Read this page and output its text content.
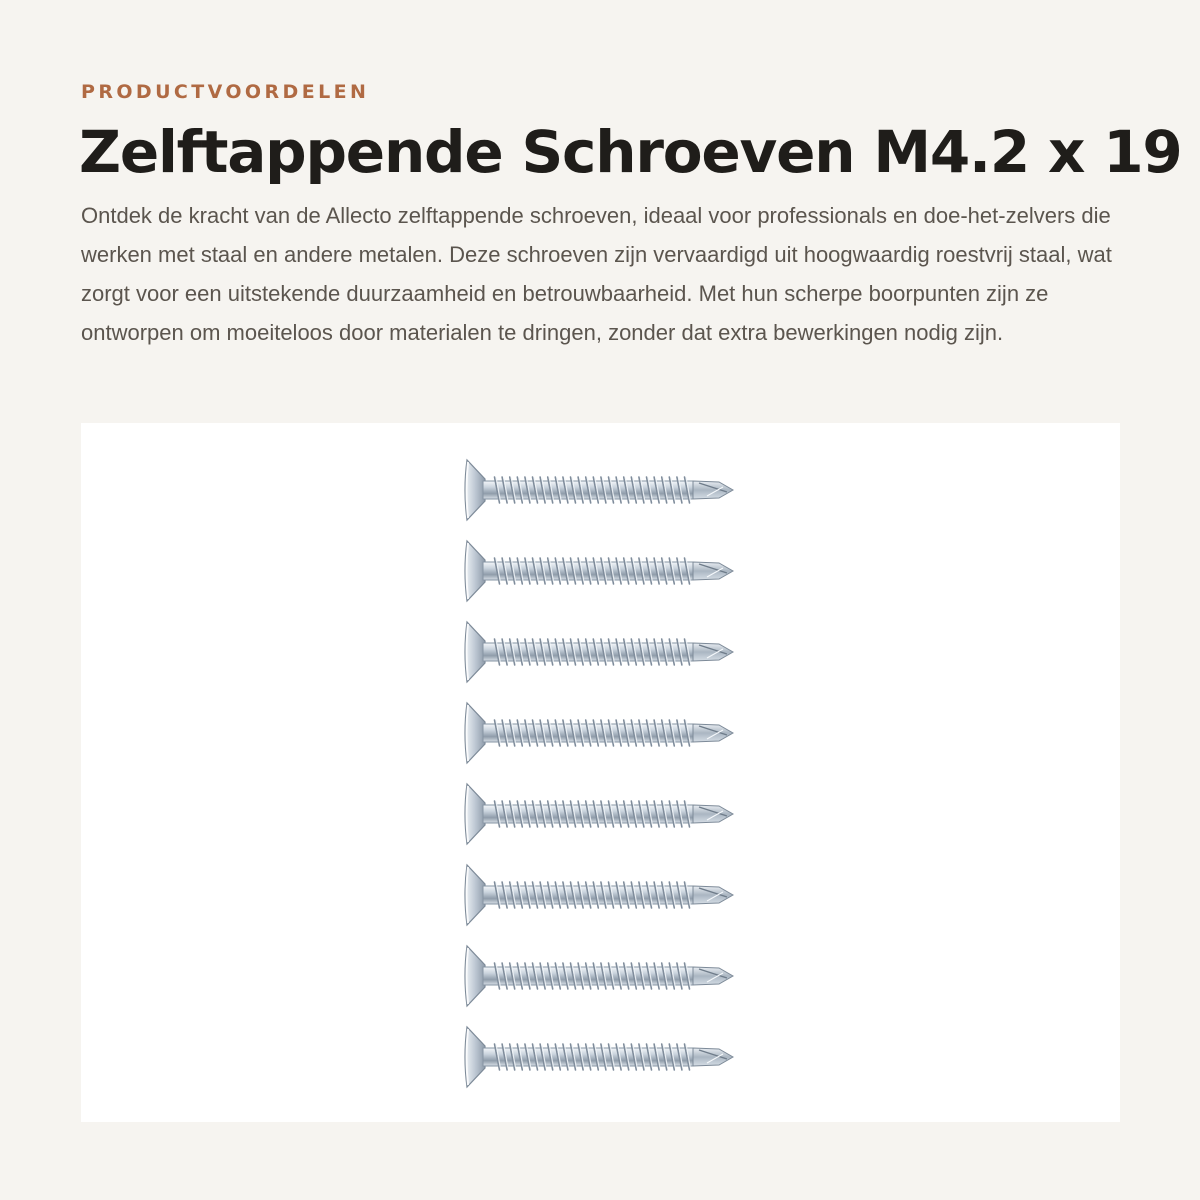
PRODUCTVOORDELEN

Zelftappende Schroeven M4.2 x 19

Ontdek de kracht van de Allecto zelftappende schroeven, ideaal voor professionals en doe-het-zelvers die werken met staal en andere metalen. Deze schroeven zijn vervaardigd uit hoogwaardig roestvrij staal, wat zorgt voor een uitstekende duurzaamheid en betrouwbaarheid. Met hun scherpe boorpunten zijn ze ontworpen om moeiteloos door materialen te dringen, zonder dat extra bewerkingen nodig zijn.
